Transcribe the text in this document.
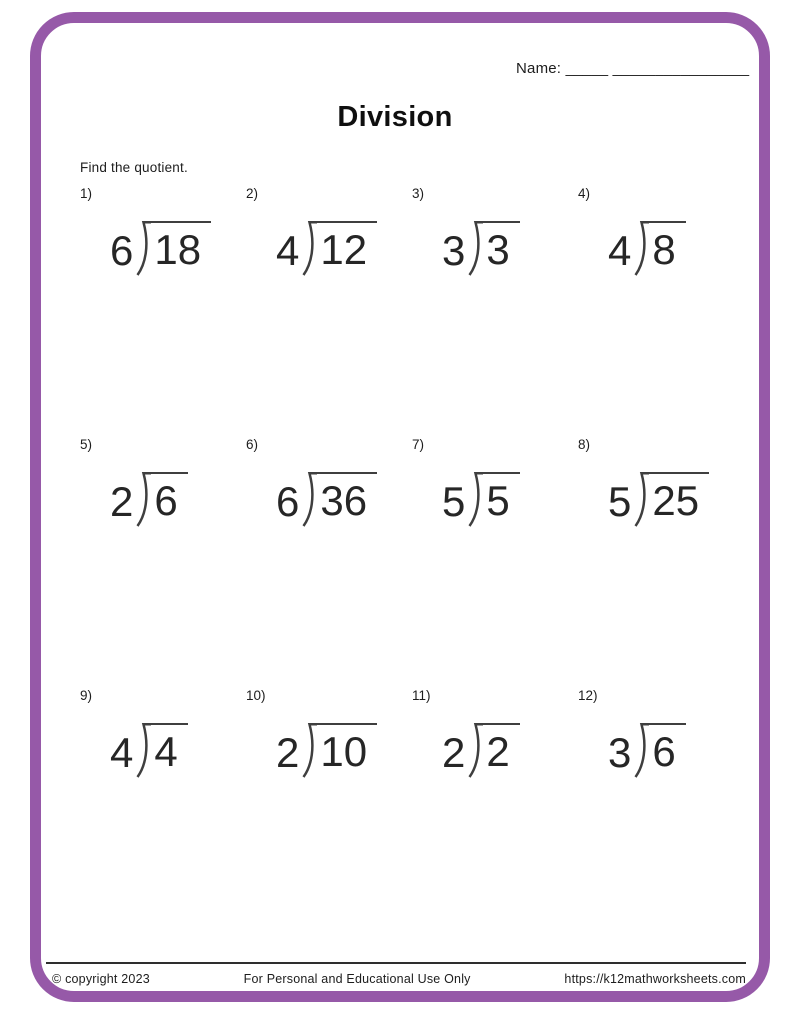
Name: _____ ________________
Division
Find the quotient.
1)
6 18
2)
4 12
3)
3 3
4)
4 8
5)
2 6
6)
6 36
7)
5 5
8)
5 25
9)
4 4
10)
2 10
11)
2 2
12)
3 6
© copyright 2023	For Personal and Educational Use Only	https://k12mathworksheets.com
